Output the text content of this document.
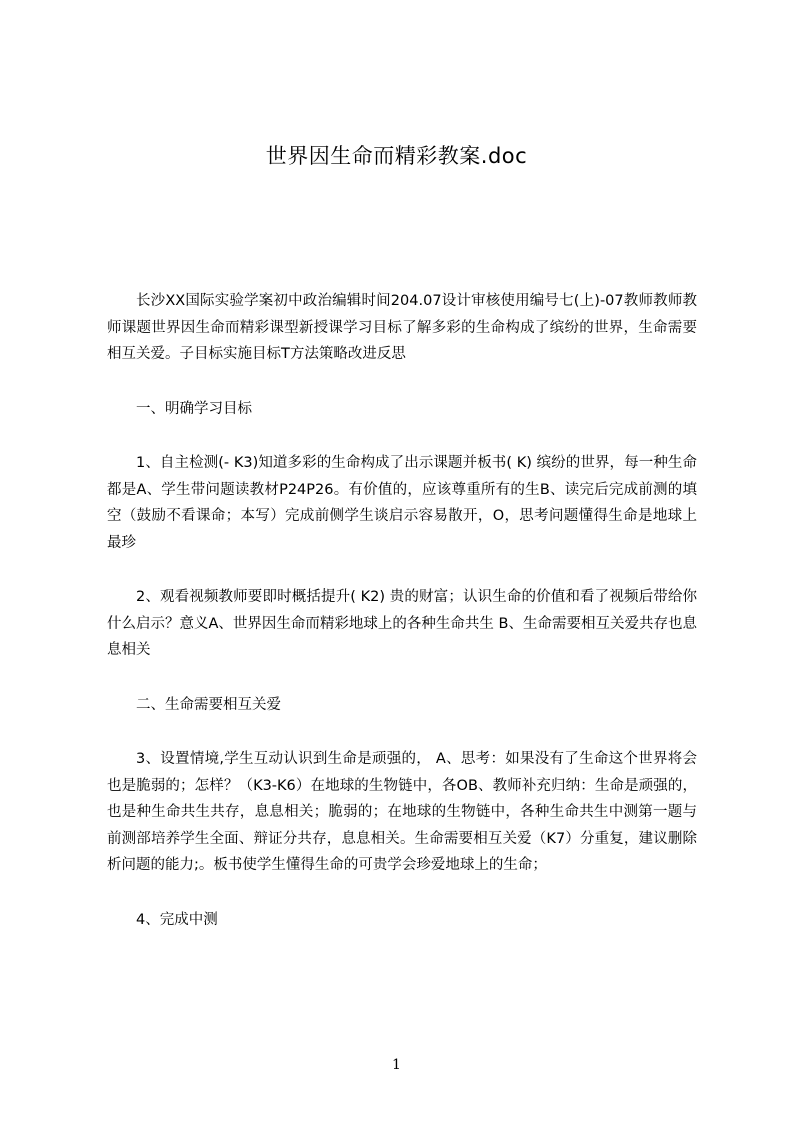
世界因生命而精彩教案.doc

长沙XX国际实验学案初中政治编辑时间204.07设计审核使用编号七(上)-07教师教师教师课题世界因生命而精彩课型新授课学习目标了解多彩的生命构成了缤纷的世界，生命需要相互关爱。子目标实施目标T方法策略改进反思

一、明确学习目标

1、自主检测(- K3)知道多彩的生命构成了出示课题并板书( K) 缤纷的世界，每一种生命都是A、学生带问题读教材P24P26。有价值的，应该尊重所有的生B、读完后完成前测的填空（鼓励不看课命；本写）完成前侧学生谈启示容易散开，O，思考问题懂得生命是地球上最珍

2、观看视频教师要即时概括提升( K2) 贵的财富；认识生命的价值和看了视频后带给你什么启示？意义A、世界因生命而精彩地球上的各种生命共生 B、生命需要相互关爱共存也息息相关

二、生命需要相互关爱

3、设置情境,学生互动认识到生命是顽强的， A、思考：如果没有了生命这个世界将会也是脆弱的；怎样？（K3-K6）在地球的生物链中，各OB、教师补充归纳：生命是顽强的，也是种生命共生共存，息息相关；脆弱的；在地球的生物链中，各种生命共生中测第一题与前测部培养学生全面、辩证分共存，息息相关。生命需要相互关爱（K7）分重复，建议删除析问题的能力;。板书使学生懂得生命的可贵学会珍爱地球上的生命；

4、完成中测

1
